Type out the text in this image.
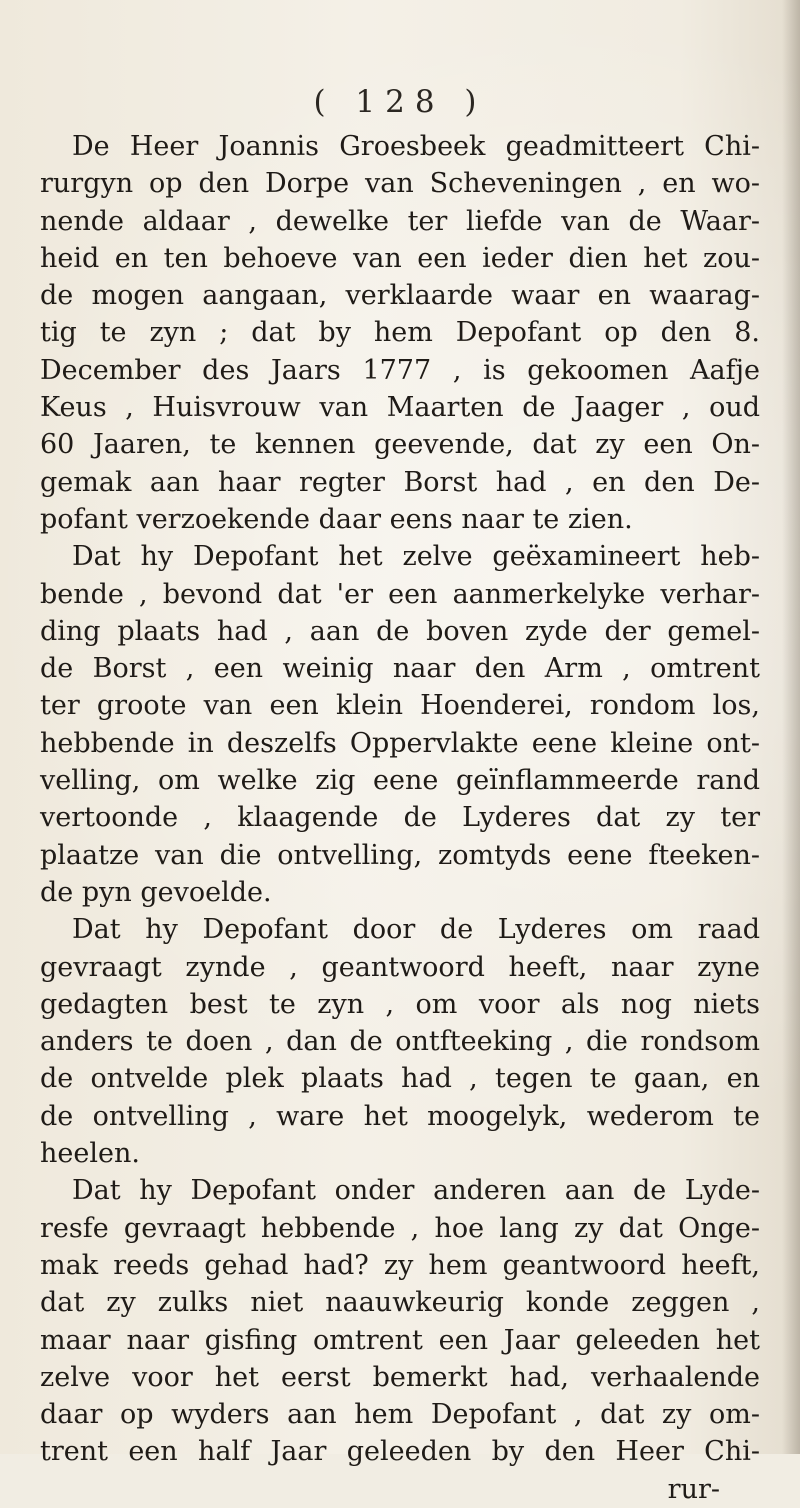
( 128 )
De Heer Joannis Groesbeek geadmitteert Chi-
rurgyn op den Dorpe van Scheveningen , en wo-
nende aldaar , dewelke ter liefde van de Waar-
heid en ten behoeve van een ieder dien het zou-
de mogen aangaan, verklaarde waar en waarag-
tig te zyn ; dat by hem Depofant op den 8.
December des Jaars 1777 , is gekoomen Aafje
Keus , Huisvrouw van Maarten de Jaager , oud
60 Jaaren, te kennen geevende, dat zy een On-
gemak aan haar regter Borst had , en den De-
pofant verzoekende daar eens naar te zien.
Dat hy Depofant het zelve geëxamineert heb-
bende , bevond dat 'er een aanmerkelyke verhar-
ding plaats had , aan de boven zyde der gemel-
de Borst , een weinig naar den Arm , omtrent
ter groote van een klein Hoenderei, rondom los,
hebbende in deszelfs Oppervlakte eene kleine ont-
velling, om welke zig eene geïnflammeerde rand
vertoonde , klaagende de Lyderes dat zy ter
plaatze van die ontvelling, zomtyds eene fteeken-
de pyn gevoelde.
Dat hy Depofant door de Lyderes om raad
gevraagt zynde , geantwoord heeft, naar zyne
gedagten best te zyn , om voor als nog niets
anders te doen , dan de ontfteeking , die rondsom
de ontvelde plek plaats had , tegen te gaan, en
de ontvelling , ware het moogelyk, wederom te
heelen.
Dat hy Depofant onder anderen aan de Lyde-
resfe gevraagt hebbende , hoe lang zy dat Onge-
mak reeds gehad had? zy hem geantwoord heeft,
dat zy zulks niet naauwkeurig konde zeggen ,
maar naar gisfing omtrent een Jaar geleeden het
zelve voor het eerst bemerkt had, verhaalende
daar op wyders aan hem Depofant , dat zy om-
trent een half Jaar geleeden by den Heer Chi-
rur-
